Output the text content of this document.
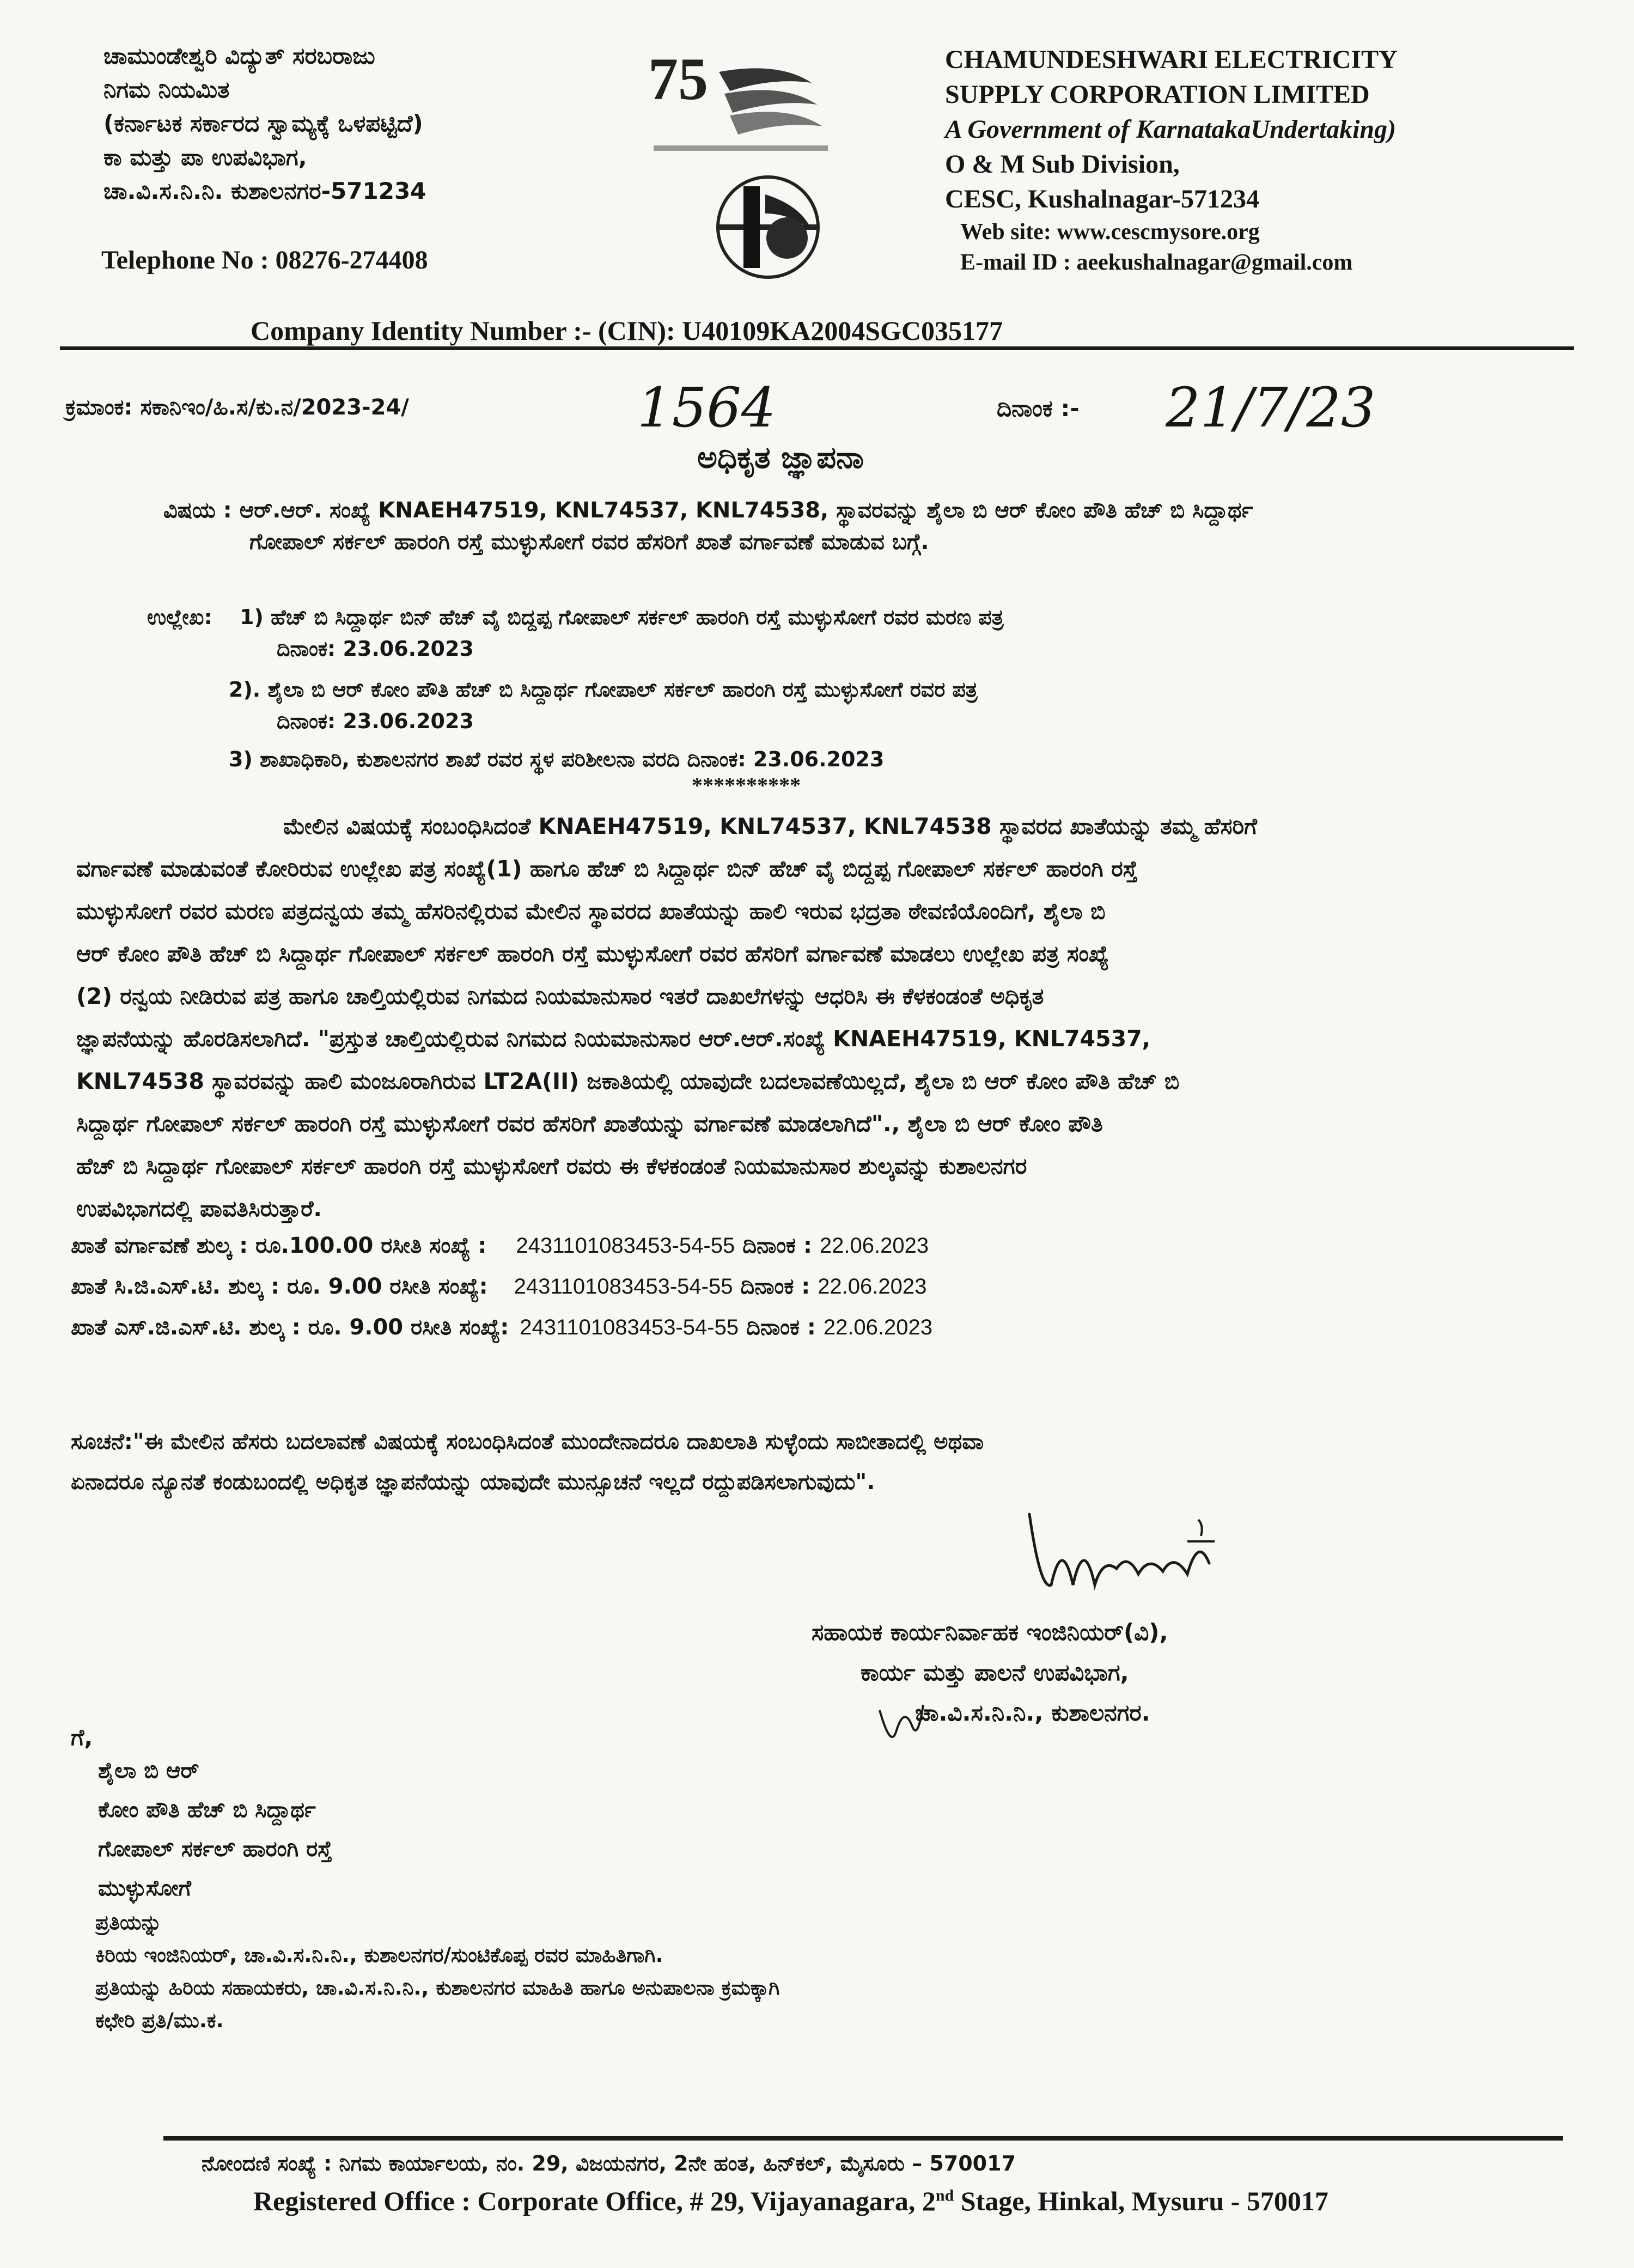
ಚಾಮುಂಡೇಶ್ವರಿ ವಿದ್ಯುತ್ ಸರಬರಾಜು
ನಿಗಮ ನಿಯಮಿತ
(ಕರ್ನಾಟಕ ಸರ್ಕಾರದ ಸ್ವಾಮ್ಯಕ್ಕೆ ಒಳಪಟ್ಟಿದೆ)
ಕಾ ಮತ್ತು ಪಾ ಉಪವಿಭಾಗ,
ಚಾ.ವಿ.ಸ.ನಿ.ನಿ. ಕುಶಾಲನಗರ-571234
Telephone No : 08276-274408
75	CHAMUNDESHWARI ELECTRICITY
SUPPLY CORPORATION LIMITED
A Government of KarnatakaUndertaking)
O & M Sub Division,
CESC, Kushalnagar-571234
Web site: www.cescmysore.org
E-mail ID : aeekushalnagar@gmail.com
Company Identity Number :- (CIN): U40109KA2004SGC035177
ಕ್ರಮಾಂಕ: ಸಕಾನಿಇಂ/ಹಿ.ಸ/ಕು.ನ/2023-24/	1564	ದಿನಾಂಕ :- 21/7/23
ಅಧಿಕೃತ ಜ್ಞಾಪನಾ
ವಿಷಯ : ಆರ್.ಆರ್. ಸಂಖ್ಯೆ KNAEH47519, KNL74537, KNL74538, ಸ್ಥಾವರವನ್ನು ಶೈಲಾ ಬಿ ಆರ್ ಕೋಂ ಪೌತಿ ಹೆಚ್ ಬಿ ಸಿದ್ದಾರ್ಥ
ಗೋಪಾಲ್ ಸರ್ಕಲ್ ಹಾರಂಗಿ ರಸ್ತೆ ಮುಳ್ಳುಸೋಗೆ ರವರ ಹೆಸರಿಗೆ ಖಾತೆ ವರ್ಗಾವಣೆ ಮಾಡುವ ಬಗ್ಗೆ.
ಉಲ್ಲೇಖ: 1) ಹೆಚ್ ಬಿ ಸಿದ್ದಾರ್ಥ ಬಿನ್ ಹೆಚ್ ವೈ ಬಿದ್ದಪ್ಪ ಗೋಪಾಲ್ ಸರ್ಕಲ್ ಹಾರಂಗಿ ರಸ್ತೆ ಮುಳ್ಳುಸೋಗೆ ರವರ ಮರಣ ಪತ್ರ
ದಿನಾಂಕ: 23.06.2023
2). ಶೈಲಾ ಬಿ ಆರ್ ಕೋಂ ಪೌತಿ ಹೆಚ್ ಬಿ ಸಿದ್ದಾರ್ಥ ಗೋಪಾಲ್ ಸರ್ಕಲ್ ಹಾರಂಗಿ ರಸ್ತೆ ಮುಳ್ಳುಸೋಗೆ ರವರ ಪತ್ರ
ದಿನಾಂಕ: 23.06.2023
3) ಶಾಖಾಧಿಕಾರಿ, ಕುಶಾಲನಗರ ಶಾಖೆ ರವರ ಸ್ಥಳ ಪರಿಶೀಲನಾ ವರದಿ ದಿನಾಂಕ: 23.06.2023
**********
ಮೇಲಿನ ವಿಷಯಕ್ಕೆ ಸಂಬಂಧಿಸಿದಂತೆ KNAEH47519, KNL74537, KNL74538 ಸ್ಥಾವರದ ಖಾತೆಯನ್ನು ತಮ್ಮ ಹೆಸರಿಗೆ
ವರ್ಗಾವಣೆ ಮಾಡುವಂತೆ ಕೋರಿರುವ ಉಲ್ಲೇಖ ಪತ್ರ ಸಂಖ್ಯೆ(1) ಹಾಗೂ ಹೆಚ್ ಬಿ ಸಿದ್ದಾರ್ಥ ಬಿನ್ ಹೆಚ್ ವೈ ಬಿದ್ದಪ್ಪ ಗೋಪಾಲ್ ಸರ್ಕಲ್ ಹಾರಂಗಿ ರಸ್ತೆ
ಮುಳ್ಳುಸೋಗೆ ರವರ ಮರಣ ಪತ್ರದನ್ವಯ ತಮ್ಮ ಹೆಸರಿನಲ್ಲಿರುವ ಮೇಲಿನ ಸ್ಥಾವರದ ಖಾತೆಯನ್ನು ಹಾಲಿ ಇರುವ ಭದ್ರತಾ ಠೇವಣಿಯೊಂದಿಗೆ, ಶೈಲಾ ಬಿ
ಆರ್ ಕೋಂ ಪೌತಿ ಹೆಚ್ ಬಿ ಸಿದ್ದಾರ್ಥ ಗೋಪಾಲ್ ಸರ್ಕಲ್ ಹಾರಂಗಿ ರಸ್ತೆ ಮುಳ್ಳುಸೋಗೆ ರವರ ಹೆಸರಿಗೆ ವರ್ಗಾವಣೆ ಮಾಡಲು ಉಲ್ಲೇಖ ಪತ್ರ ಸಂಖ್ಯೆ
(2) ರನ್ವಯ ನೀಡಿರುವ ಪತ್ರ ಹಾಗೂ ಚಾಲ್ತಿಯಲ್ಲಿರುವ ನಿಗಮದ ನಿಯಮಾನುಸಾರ ಇತರೆ ದಾಖಲೆಗಳನ್ನು ಆಧರಿಸಿ ಈ ಕೆಳಕಂಡಂತೆ ಅಧಿಕೃತ
ಜ್ಞಾಪನೆಯನ್ನು ಹೊರಡಿಸಲಾಗಿದೆ. "ಪ್ರಸ್ತುತ ಚಾಲ್ತಿಯಲ್ಲಿರುವ ನಿಗಮದ ನಿಯಮಾನುಸಾರ ಆರ್.ಆರ್.ಸಂಖ್ಯೆ KNAEH47519, KNL74537,
KNL74538 ಸ್ಥಾವರವನ್ನು ಹಾಲಿ ಮಂಜೂರಾಗಿರುವ LT2A(II) ಜಕಾತಿಯಲ್ಲಿ ಯಾವುದೇ ಬದಲಾವಣೆಯಿಲ್ಲದೆ, ಶೈಲಾ ಬಿ ಆರ್ ಕೋಂ ಪೌತಿ ಹೆಚ್ ಬಿ
ಸಿದ್ದಾರ್ಥ ಗೋಪಾಲ್ ಸರ್ಕಲ್ ಹಾರಂಗಿ ರಸ್ತೆ ಮುಳ್ಳುಸೋಗೆ ರವರ ಹೆಸರಿಗೆ ಖಾತೆಯನ್ನು ವರ್ಗಾವಣೆ ಮಾಡಲಾಗಿದೆ"., ಶೈಲಾ ಬಿ ಆರ್ ಕೋಂ ಪೌತಿ
ಹೆಚ್ ಬಿ ಸಿದ್ದಾರ್ಥ ಗೋಪಾಲ್ ಸರ್ಕಲ್ ಹಾರಂಗಿ ರಸ್ತೆ ಮುಳ್ಳುಸೋಗೆ ರವರು ಈ ಕೆಳಕಂಡಂತೆ ನಿಯಮಾನುಸಾರ ಶುಲ್ಕವನ್ನು ಕುಶಾಲನಗರ
ಉಪವಿಭಾಗದಲ್ಲಿ ಪಾವತಿಸಿರುತ್ತಾರೆ.
ಖಾತೆ ವರ್ಗಾವಣೆ ಶುಲ್ಕ : ರೂ.100.00 ರಸೀತಿ ಸಂಖ್ಯೆ : 2431101083453-54-55 ದಿನಾಂಕ : 22.06.2023
ಖಾತೆ ಸಿ.ಜಿ.ಎಸ್.ಟಿ. ಶುಲ್ಕ : ರೂ. 9.00 ರಸೀತಿ ಸಂಖ್ಯೆ: 2431101083453-54-55 ದಿನಾಂಕ : 22.06.2023
ಖಾತೆ ಎಸ್.ಜಿ.ಎಸ್.ಟಿ. ಶುಲ್ಕ : ರೂ. 9.00 ರಸೀತಿ ಸಂಖ್ಯೆ: 2431101083453-54-55 ದಿನಾಂಕ : 22.06.2023
ಸೂಚನೆ:"ಈ ಮೇಲಿನ ಹೆಸರು ಬದಲಾವಣೆ ವಿಷಯಕ್ಕೆ ಸಂಬಂಧಿಸಿದಂತೆ ಮುಂದೇನಾದರೂ ದಾಖಲಾತಿ ಸುಳ್ಳೆಂದು ಸಾಬೀತಾದಲ್ಲಿ ಅಥವಾ
ಏನಾದರೂ ನ್ಯೂನತೆ ಕಂಡುಬಂದಲ್ಲಿ ಅಧಿಕೃತ ಜ್ಞಾಪನೆಯನ್ನು ಯಾವುದೇ ಮುನ್ಸೂಚನೆ ಇಲ್ಲದೆ ರದ್ದುಪಡಿಸಲಾಗುವುದು".
ಸಹಾಯಕ ಕಾರ್ಯನಿರ್ವಾಹಕ ಇಂಜಿನಿಯರ್(ವಿ),
ಕಾರ್ಯ ಮತ್ತು ಪಾಲನೆ ಉಪವಿಭಾಗ,
ಚಾ.ವಿ.ಸ.ನಿ.ನಿ., ಕುಶಾಲನಗರ.
ಗೆ,
ಶೈಲಾ ಬಿ ಆರ್
ಕೋಂ ಪೌತಿ ಹೆಚ್ ಬಿ ಸಿದ್ದಾರ್ಥ
ಗೋಪಾಲ್ ಸರ್ಕಲ್ ಹಾರಂಗಿ ರಸ್ತೆ
ಮುಳ್ಳುಸೋಗೆ
ಪ್ರತಿಯನ್ನು
ಕಿರಿಯ ಇಂಜಿನಿಯರ್, ಚಾ.ವಿ.ಸ.ನಿ.ನಿ., ಕುಶಾಲನಗರ/ಸುಂಟಿಕೊಪ್ಪ ರವರ ಮಾಹಿತಿಗಾಗಿ.
ಪ್ರತಿಯನ್ನು ಹಿರಿಯ ಸಹಾಯಕರು, ಚಾ.ವಿ.ಸ.ನಿ.ನಿ., ಕುಶಾಲನಗರ ಮಾಹಿತಿ ಹಾಗೂ ಅನುಪಾಲನಾ ಕ್ರಮಕ್ಕಾಗಿ
ಕಛೇರಿ ಪ್ರತಿ/ಮು.ಕ.
ನೋಂದಣಿ ಸಂಖ್ಯೆ : ನಿಗಮ ಕಾರ್ಯಾಲಯ, ನಂ. 29, ವಿಜಯನಗರ, 2ನೇ ಹಂತ, ಹಿನ್‌ಕಲ್, ಮೈಸೂರು – 570017
Registered Office : Corporate Office, # 29, Vijayanagara, 2nd Stage, Hinkal, Mysuru - 570017
